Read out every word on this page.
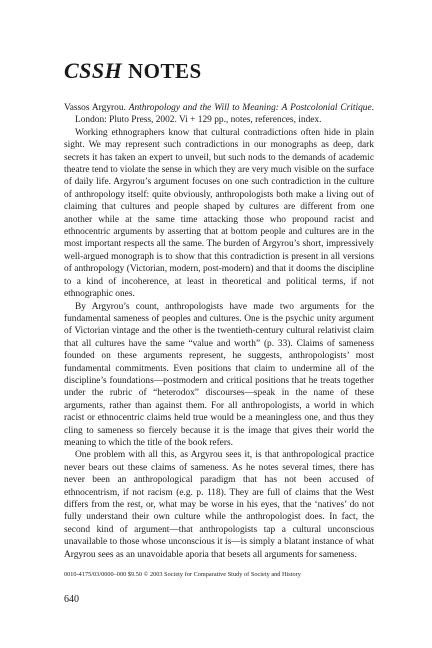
CSSH NOTES

Vassos Argyrou. Anthropology and the Will to Meaning: A Postcolonial Critique. London: Pluto Press, 2002. Vi + 129 pp., notes, references, index.

Working ethnographers know that cultural contradictions often hide in plain sight. We may represent such contradictions in our monographs as deep, dark secrets it has taken an expert to unveil, but such nods to the demands of academic theatre tend to violate the sense in which they are very much visible on the surface of daily life. Argyrou’s argument focuses on one such contradiction in the culture of anthropology itself: quite obviously, anthropologists both make a living out of claiming that cultures and people shaped by cultures are different from one another while at the same time attacking those who propound racist and ethnocentric arguments by asserting that at bottom people and cultures are in the most important respects all the same. The burden of Argyrou’s short, impressively well-argued monograph is to show that this contradiction is present in all versions of anthropology (Victorian, modern, post-modern) and that it dooms the discipline to a kind of incoherence, at least in theoretical and political terms, if not ethnographic ones.

By Argyrou’s count, anthropologists have made two arguments for the fundamental sameness of peoples and cultures. One is the psychic unity argument of Victorian vintage and the other is the twentieth-century cultural relativist claim that all cultures have the same “value and worth” (p. 33). Claims of sameness founded on these arguments represent, he suggests, anthropologists’ most fundamental commitments. Even positions that claim to undermine all of the discipline’s foundations—postmodern and critical positions that he treats together under the rubric of “heterodox” discourses—speak in the name of these arguments, rather than against them. For all anthropologists, a world in which racist or ethnocentric claims held true would be a meaningless one, and thus they cling to sameness so fiercely because it is the image that gives their world the meaning to which the title of the book refers.

One problem with all this, as Argyrou sees it, is that anthropological practice never bears out these claims of sameness. As he notes several times, there has never been an anthropological paradigm that has not been accused of ethnocentrism, if not racism (e.g. p. 118). They are full of claims that the West differs from the rest, or, what may be worse in his eyes, that the ‘natives’ do not fully understand their own culture while the anthropologist does. In fact, the second kind of argument—that anthropologists tap a cultural unconscious unavailable to those whose unconscious it is—is simply a blatant instance of what Argyrou sees as an unavoidable aporia that besets all arguments for sameness.

0010-4175/03/0000–000 $9.50 © 2003 Society for Comparative Study of Society and History
640
